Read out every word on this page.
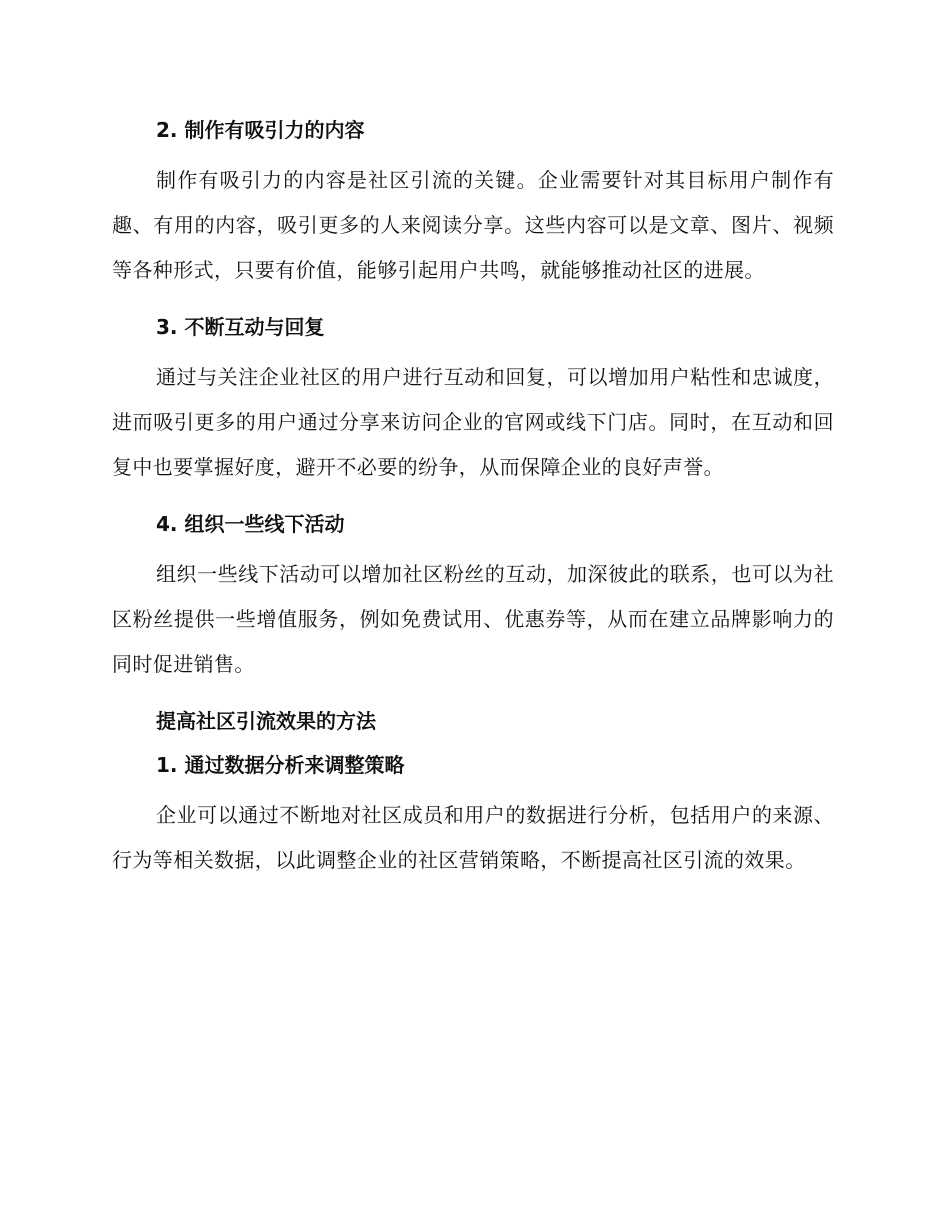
2. 制作有吸引力的内容

制作有吸引力的内容是社区引流的关键。企业需要针对其目标用户制作有趣、有用的内容，吸引更多的人来阅读分享。这些内容可以是文章、图片、视频等各种形式，只要有价值，能够引起用户共鸣，就能够推动社区的进展。

3. 不断互动与回复

通过与关注企业社区的用户进行互动和回复，可以增加用户粘性和忠诚度，进而吸引更多的用户通过分享来访问企业的官网或线下门店。同时，在互动和回复中也要掌握好度，避开不必要的纷争，从而保障企业的良好声誉。

4. 组织一些线下活动

组织一些线下活动可以增加社区粉丝的互动，加深彼此的联系，也可以为社区粉丝提供一些增值服务，例如免费试用、优惠券等，从而在建立品牌影响力的同时促进销售。

提高社区引流效果的方法
1. 通过数据分析来调整策略

企业可以通过不断地对社区成员和用户的数据进行分析，包括用户的来源、行为等相关数据，以此调整企业的社区营销策略，不断提高社区引流的效果。
